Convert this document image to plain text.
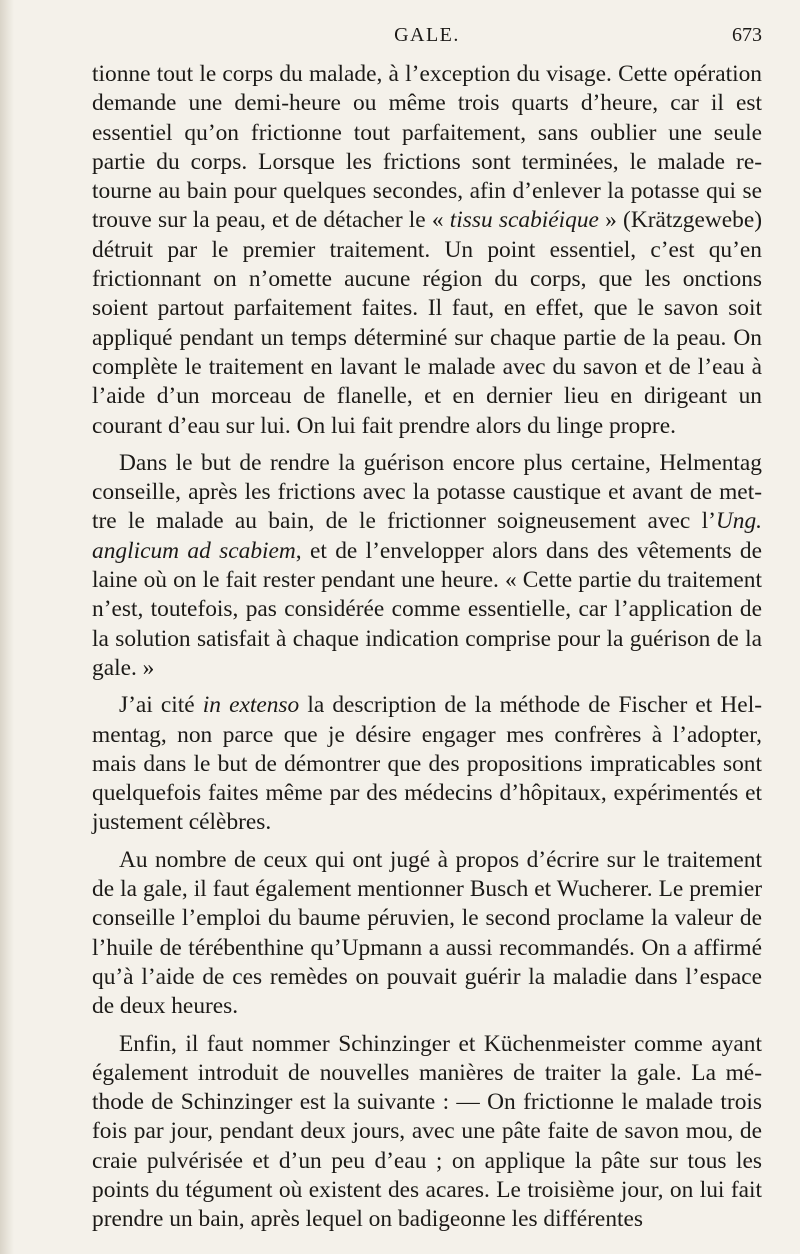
GALE.	673

tionne tout le corps du malade, à l’exception du visage. Cette opération demande une demi-heure ou même trois quarts d’heure, car il est essentiel qu’on frictionne tout parfaitement, sans oublier une seule partie du corps. Lorsque les frictions sont terminées, le malade retourne au bain pour quelques secondes, afin d’enlever la potasse qui se trouve sur la peau, et de détacher le « tissu scabiéique » (Krätzgewebe) détruit par le premier traitement. Un point essentiel, c’est qu’en frictionnant on n’omette aucune région du corps, que les onctions soient partout parfaitement faites. Il faut, en effet, que le savon soit appliqué pendant un temps déterminé sur chaque partie de la peau. On complète le traitement en lavant le malade avec du savon et de l’eau à l’aide d’un morceau de flanelle, et en dernier lieu en dirigeant un courant d’eau sur lui. On lui fait prendre alors du linge propre.

Dans le but de rendre la guérison encore plus certaine, Helmentag conseille, après les frictions avec la potasse caustique et avant de mettre le malade au bain, de le frictionner soigneusement avec l’Ung. anglicum ad scabiem, et de l’envelopper alors dans des vêtements de laine où on le fait rester pendant une heure. « Cette partie du traitement n’est, toutefois, pas considérée comme essentielle, car l’application de la solution satisfait à chaque indication comprise pour la guérison de la gale. »

J’ai cité in extenso la description de la méthode de Fischer et Helmentag, non parce que je désire engager mes confrères à l’adopter, mais dans le but de démontrer que des propositions impraticables sont quelquefois faites même par des médecins d’hôpitaux, expérimentés et justement célèbres.

Au nombre de ceux qui ont jugé à propos d’écrire sur le traitement de la gale, il faut également mentionner Busch et Wucherer. Le premier conseille l’emploi du baume péruvien, le second proclame la valeur de l’huile de térébenthine qu’Upmann a aussi recommandés. On a affirmé qu’à l’aide de ces remèdes on pouvait guérir la maladie dans l’espace de deux heures.

Enfin, il faut nommer Schinzinger et Küchenmeister comme ayant également introduit de nouvelles manières de traiter la gale. La méthode de Schinzinger est la suivante : — On frictionne le malade trois fois par jour, pendant deux jours, avec une pâte faite de savon mou, de craie pulvérisée et d’un peu d’eau ; on applique la pâte sur tous les points du tégument où existent des acares. Le troisième jour, on lui fait prendre un bain, après lequel on badigeonne les différentes
